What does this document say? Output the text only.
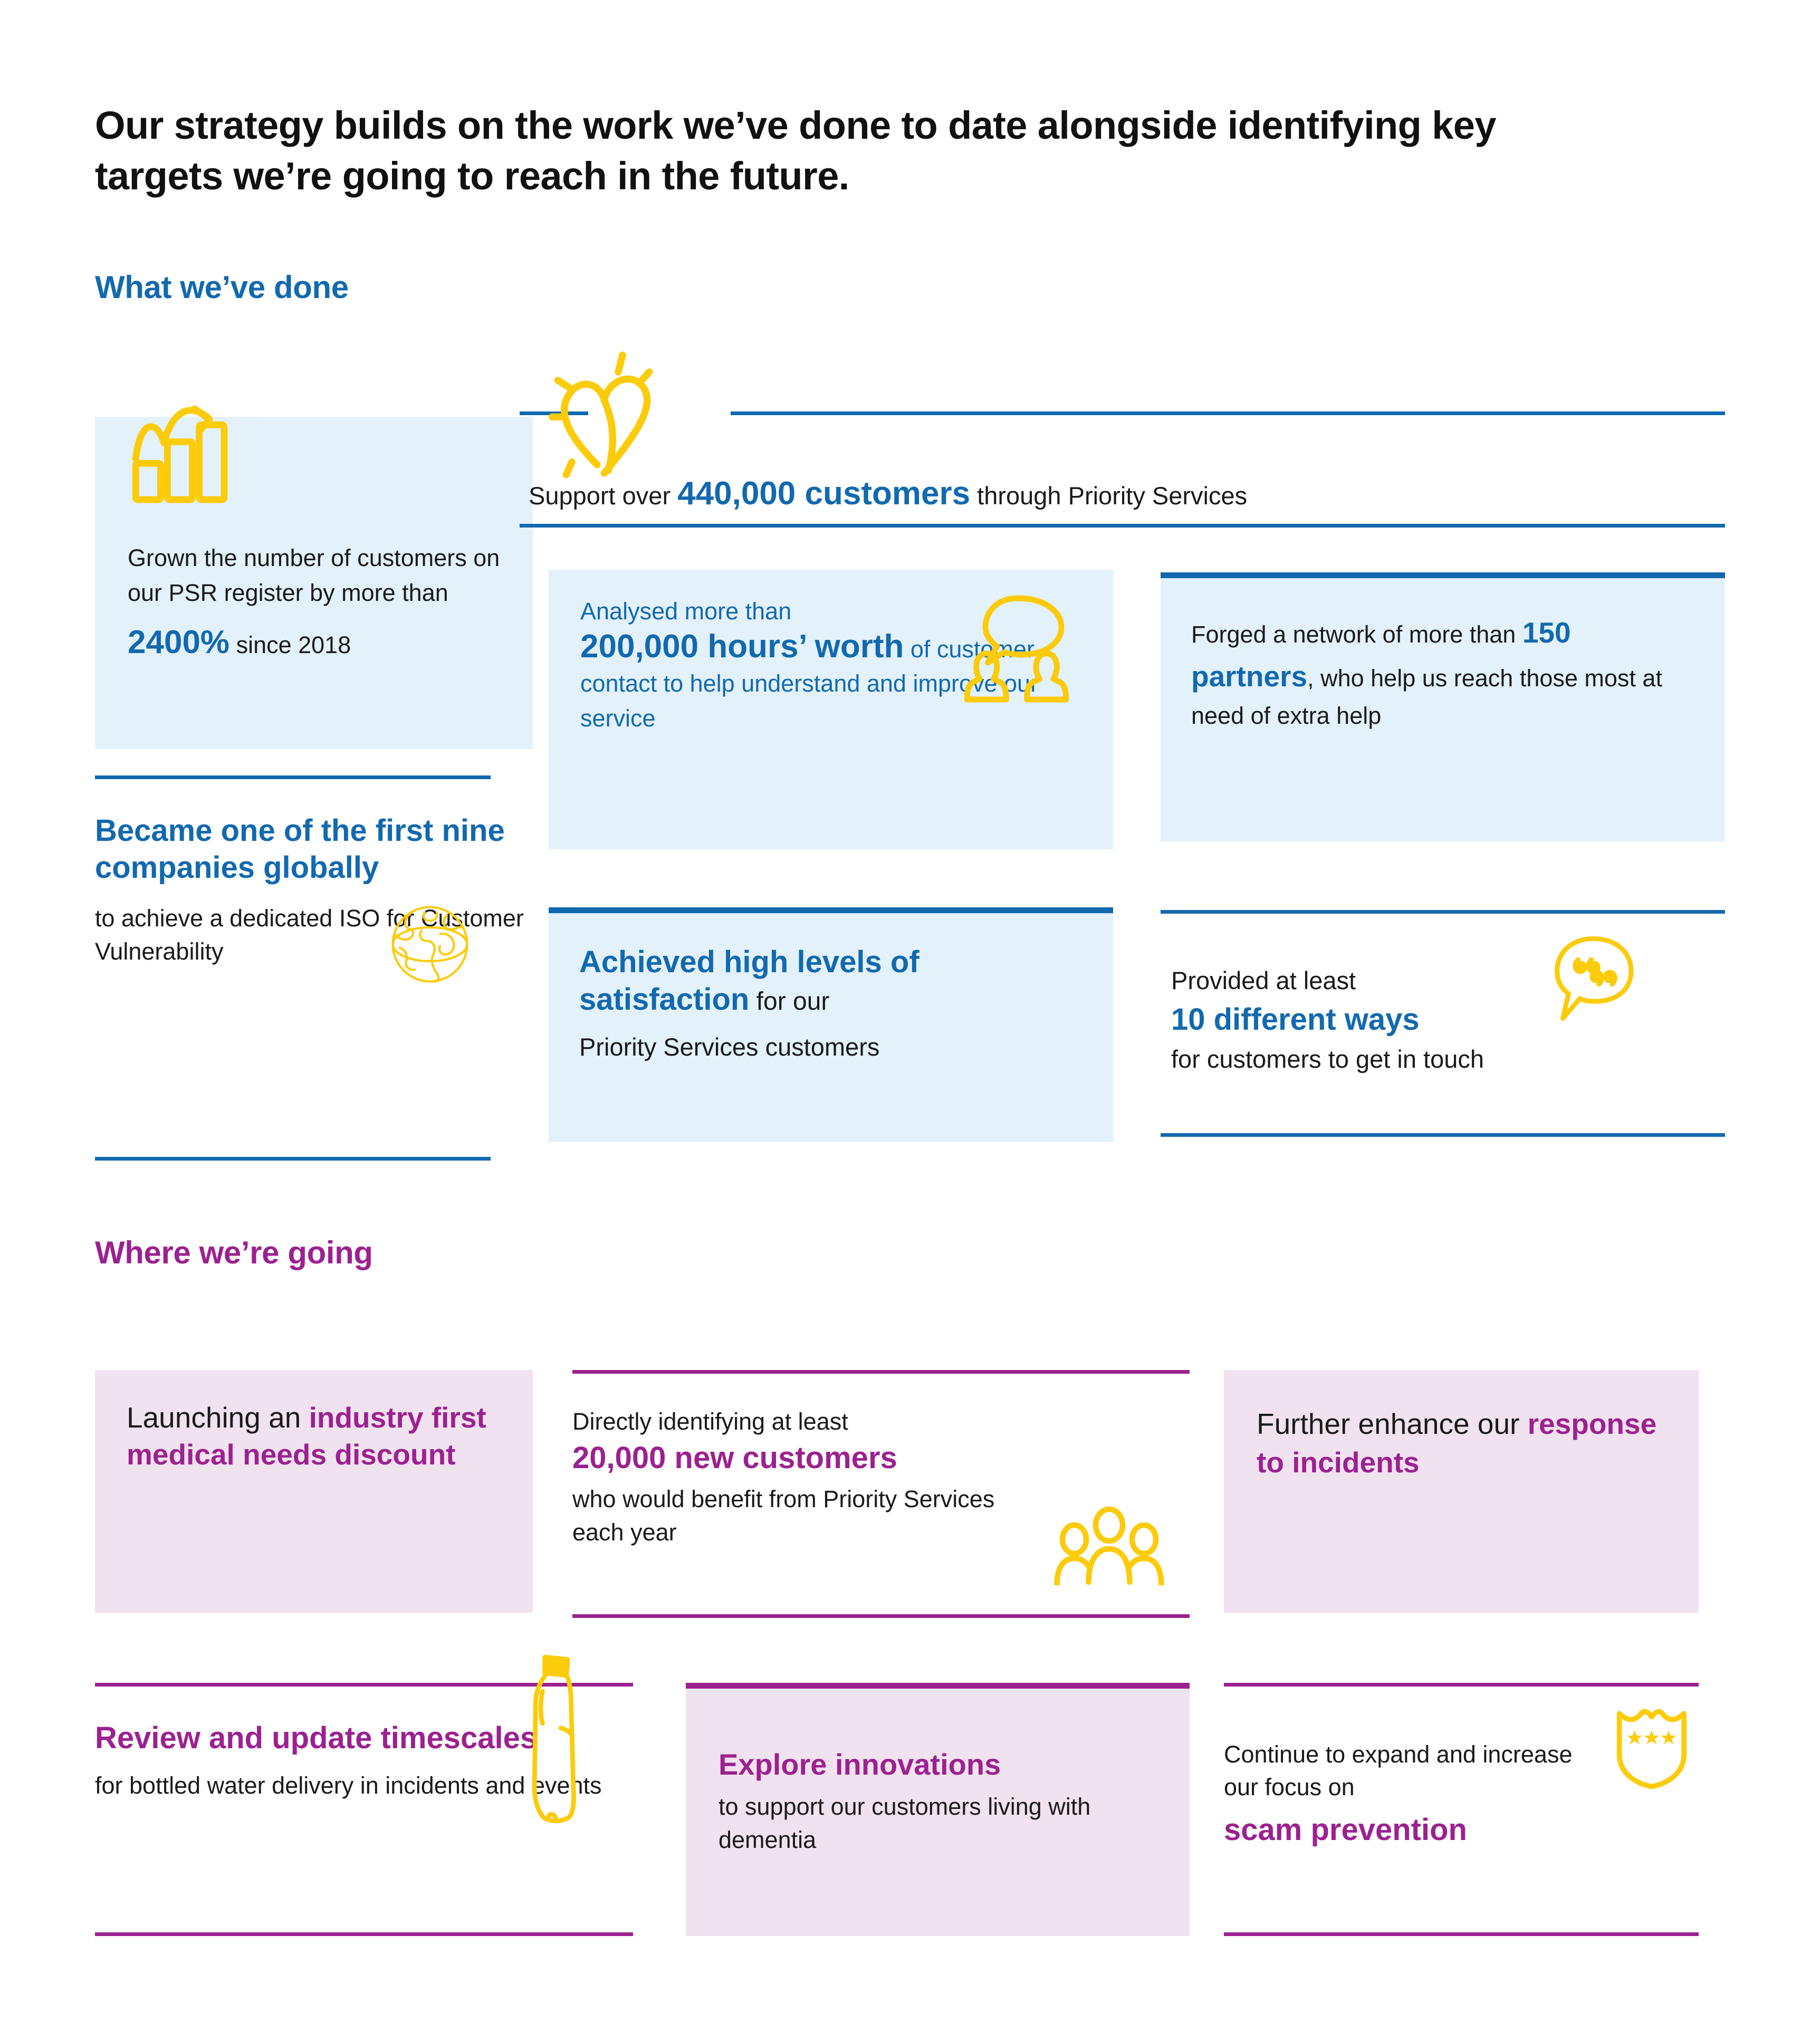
Our strategy builds on the work we’ve done to date alongside identifying key targets we’re going to reach in the future.
What we’ve done
Grown the number of customers on our PSR register by more than
2400% since 2018
Support over 440,000 customers through Priority Services
Analysed more than
200,000 hours’ worth of customer contact to help understand and improve our service
Forged a network of more than 150 partners, who help us reach those most at need of extra help
Became one of the first nine companies globally
to achieve a dedicated ISO for Customer Vulnerability	Achieved high levels of satisfaction for our
Priority Services customers
Provided at least
10 different ways
for customers to get in touch
Where we’re going
Launching an industry first medical needs discount
Directly identifying at least
20,000 new customers
who would benefit from Priority Services each year
Further enhance our response to incidents
Review and update timescales
for bottled water delivery in incidents and events
Explore innovations
to support our customers living with dementia
Continue to expand and increase our focus on
scam prevention
